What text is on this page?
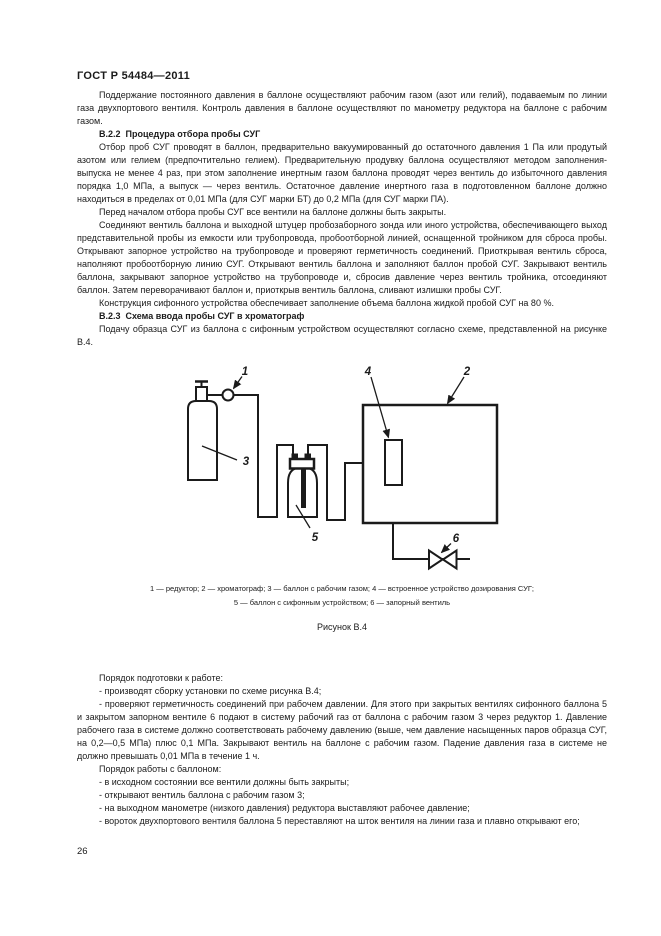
ГОСТ Р 54484—2011

Поддержание постоянного давления в баллоне осуществляют рабочим газом (азот или гелий), подаваемым по линии газа двухпортового вентиля. Контроль давления в баллоне осуществляют по манометру редуктора на баллоне с рабочим газом.

В.2.2  Процедура отбора пробы СУГ

Отбор проб СУГ проводят в баллон, предварительно вакуумированный до остаточного давления 1 Па или продутый азотом или гелием (предпочтительно гелием). Предварительную продувку баллона осуществляют методом заполнения-выпуска не менее 4 раз, при этом заполнение инертным газом баллона проводят через вентиль до избыточного давления порядка 1,0 МПа, а выпуск — через вентиль. Остаточное давление инертного газа в подготовленном баллоне должно находиться в пределах от 0,01 МПа (для СУГ марки БТ) до 0,2 МПа (для СУГ марки ПА).

Перед началом отбора пробы СУГ все вентили на баллоне должны быть закрыты.

Соединяют вентиль баллона и выходной штуцер пробозаборного зонда или иного устройства, обеспечивающего выход представительной пробы из емкости или трубопровода, пробоотборной линией, оснащенной тройником для сброса пробы. Открывают запорное устройство на трубопроводе и проверяют герметичность соединений. Приоткрывая вентиль сброса, наполняют пробоотборную линию СУГ. Открывают вентиль баллона и заполняют баллон пробой СУГ. Закрывают вентиль баллона, закрывают запорное устройство на трубопроводе и, сбросив давление через вентиль тройника, отсоединяют баллон. Затем переворачивают баллон и, приоткрыв вентиль баллона, сливают излишки пробы СУГ.

Конструкция сифонного устройства обеспечивает заполнение объема баллона жидкой пробой СУГ на 80 %.

В.2.3  Схема ввода пробы СУГ в хроматограф

Подачу образца СУГ из баллона с сифонным устройством осуществляют согласно схеме, представленной на рисунке В.4.

1	2
3
4
5	6

1 — редуктор; 2 — хроматограф; 3 — баллон с рабочим газом; 4 — встроенное устройство дозирования СУГ;

5 — баллон с сифонным устройством; 6 — запорный вентиль

Рисунок В.4

Порядок подготовки к работе:

- производят сборку установки по схеме рисунка В.4;

- проверяют герметичность соединений при рабочем давлении. Для этого при закрытых вентилях сифонного баллона 5 и закрытом запорном вентиле 6 подают в систему рабочий газ от баллона с рабочим газом 3 через редуктор 1. Давление рабочего газа в системе должно соответствовать рабочему давлению (выше, чем давление насыщенных паров образца СУГ, на 0,2—0,5 МПа) плюс 0,1 МПа. Закрывают вентиль на баллоне с рабочим газом. Падение давления газа в системе не должно превышать 0,01 МПа в течение 1 ч.

Порядок работы с баллоном:

- в исходном состоянии все вентили должны быть закрыты;

- открывают вентиль баллона с рабочим газом 3;

- на выходном манометре (низкого давления) редуктора выставляют рабочее давление;

- вороток двухпортового вентиля баллона 5 переставляют на шток вентиля на линии газа и плавно открывают его;

26
